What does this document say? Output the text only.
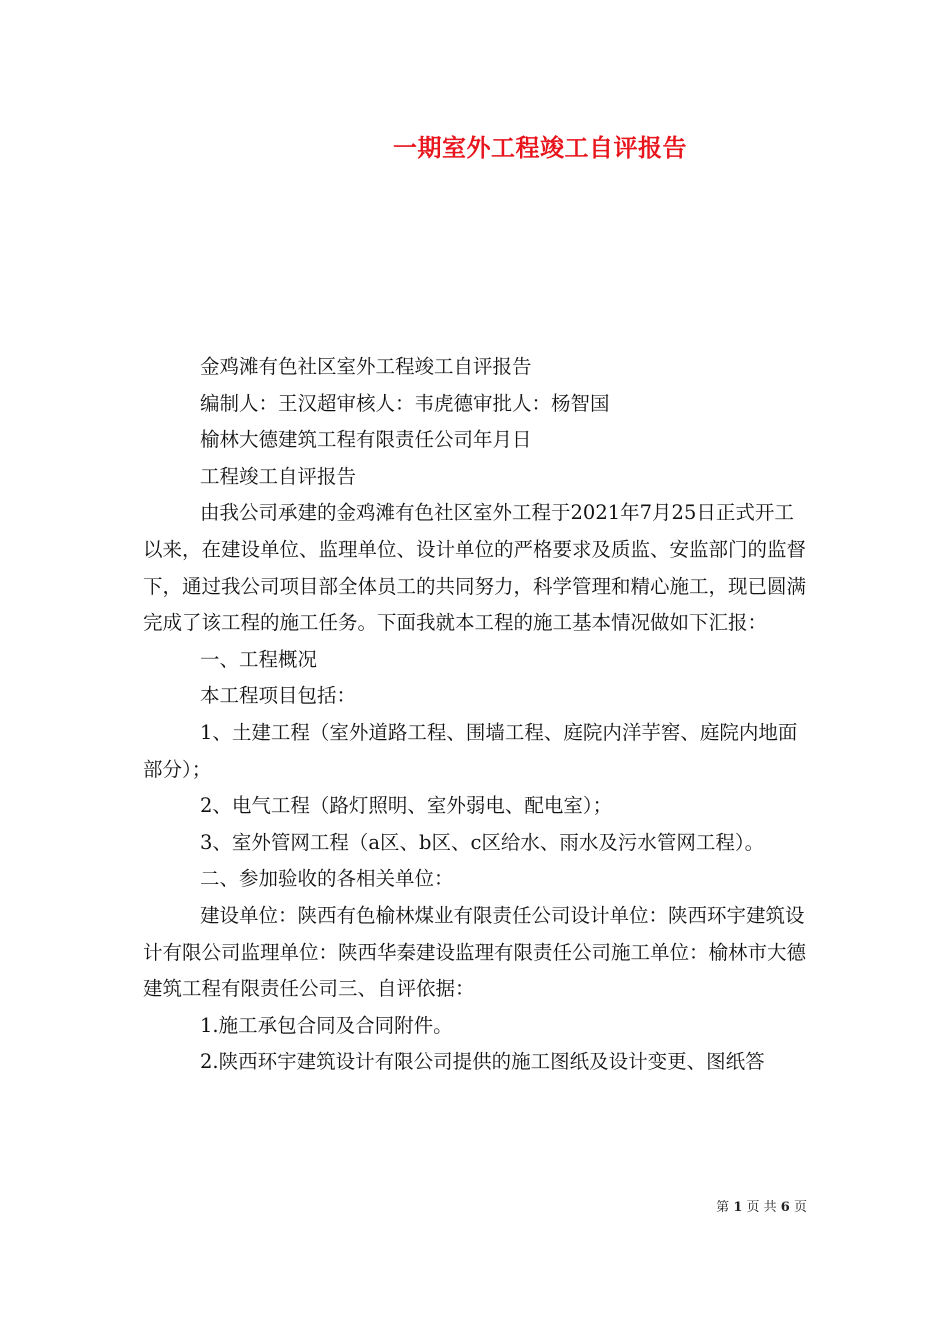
一期室外工程竣工自评报告

金鸡滩有色社区室外工程竣工自评报告

编制人：王汉超审核人：韦虎德审批人：杨智国

榆林大德建筑工程有限责任公司年月日

工程竣工自评报告

由我公司承建的金鸡滩有色社区室外工程于2021年7月25日正式开工以来，在建设单位、监理单位、设计单位的严格要求及质监、安监部门的监督下，通过我公司项目部全体员工的共同努力，科学管理和精心施工，现已圆满完成了该工程的施工任务。下面我就本工程的施工基本情况做如下汇报：

一、工程概况

本工程项目包括：

1、土建工程（室外道路工程、围墙工程、庭院内洋芋窖、庭院内地面部分）；

2、电气工程（路灯照明、室外弱电、配电室）；

3、室外管网工程（a区、b区、c区给水、雨水及污水管网工程）。

二、参加验收的各相关单位：

建设单位：陕西有色榆林煤业有限责任公司设计单位：陕西环宇建筑设计有限公司监理单位：陕西华秦建设监理有限责任公司施工单位：榆林市大德建筑工程有限责任公司三、自评依据：

1.施工承包合同及合同附件。

2.陕西环宇建筑设计有限公司提供的施工图纸及设计变更、图纸答

第 1 页 共 6 页
